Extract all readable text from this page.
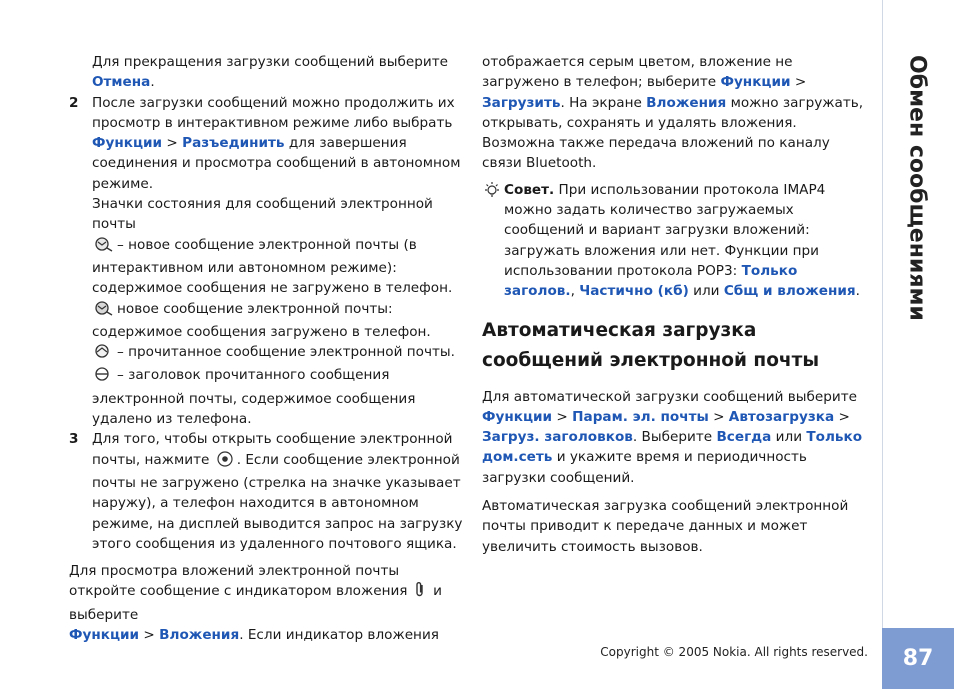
Для прекращения загрузки сообщений выберите
Отмена.

2 После загрузки сообщений можно продолжить их просмотр в интерактивном режиме либо выбрать Функции > Разъединить для завершения соединения и просмотра сообщений в автономном режиме.

Значки состояния для сообщений электронной почты

– новое сообщение электронной почты (в интерактивном или автономном режиме): содержимое сообщения не загружено в телефон.

новое сообщение электронной почты: содержимое сообщения загружено в телефон.

– прочитанное сообщение электронной почты.

– заголовок прочитанного сообщения электронной почты, содержимое сообщения удалено из телефона.

3 Для того, чтобы открыть сообщение электронной почты, нажмите . Если сообщение электронной почты не загружено (стрелка на значке указывает наружу), а телефон находится в автономном режиме, на дисплей выводится запрос на загрузку этого сообщения из удаленного почтового ящика.

Для просмотра вложений электронной почты откройте сообщение с индикатором вложения и выберите
Функции > Вложения. Если индикатор вложения

отображается серым цветом, вложение не загружено в телефон; выберите Функции > Загрузить. На экране Вложения можно загружать, открывать, сохранять и удалять вложения. Возможна также передача вложений по каналу связи Bluetooth.

Совет. При использовании протокола IMAP4 можно задать количество загружаемых сообщений и вариант загрузки вложений: загружать вложения или нет. Функции при использовании протокола POP3: Только заголов., Частично (кб) или Сбщ и вложения.

Автоматическая загрузка сообщений электронной почты

Для автоматической загрузки сообщений выберите Функции > Парам. эл. почты > Автозагрузка > Загруз. заголовков. Выберите Всегда или Только дом.сеть и укажите время и периодичность загрузки сообщений.

Автоматическая загрузка сообщений электронной почты приводит к передаче данных и может увеличить стоимость вызовов.

Обмен сообщениями
87
Copyright © 2005 Nokia. All rights reserved.
